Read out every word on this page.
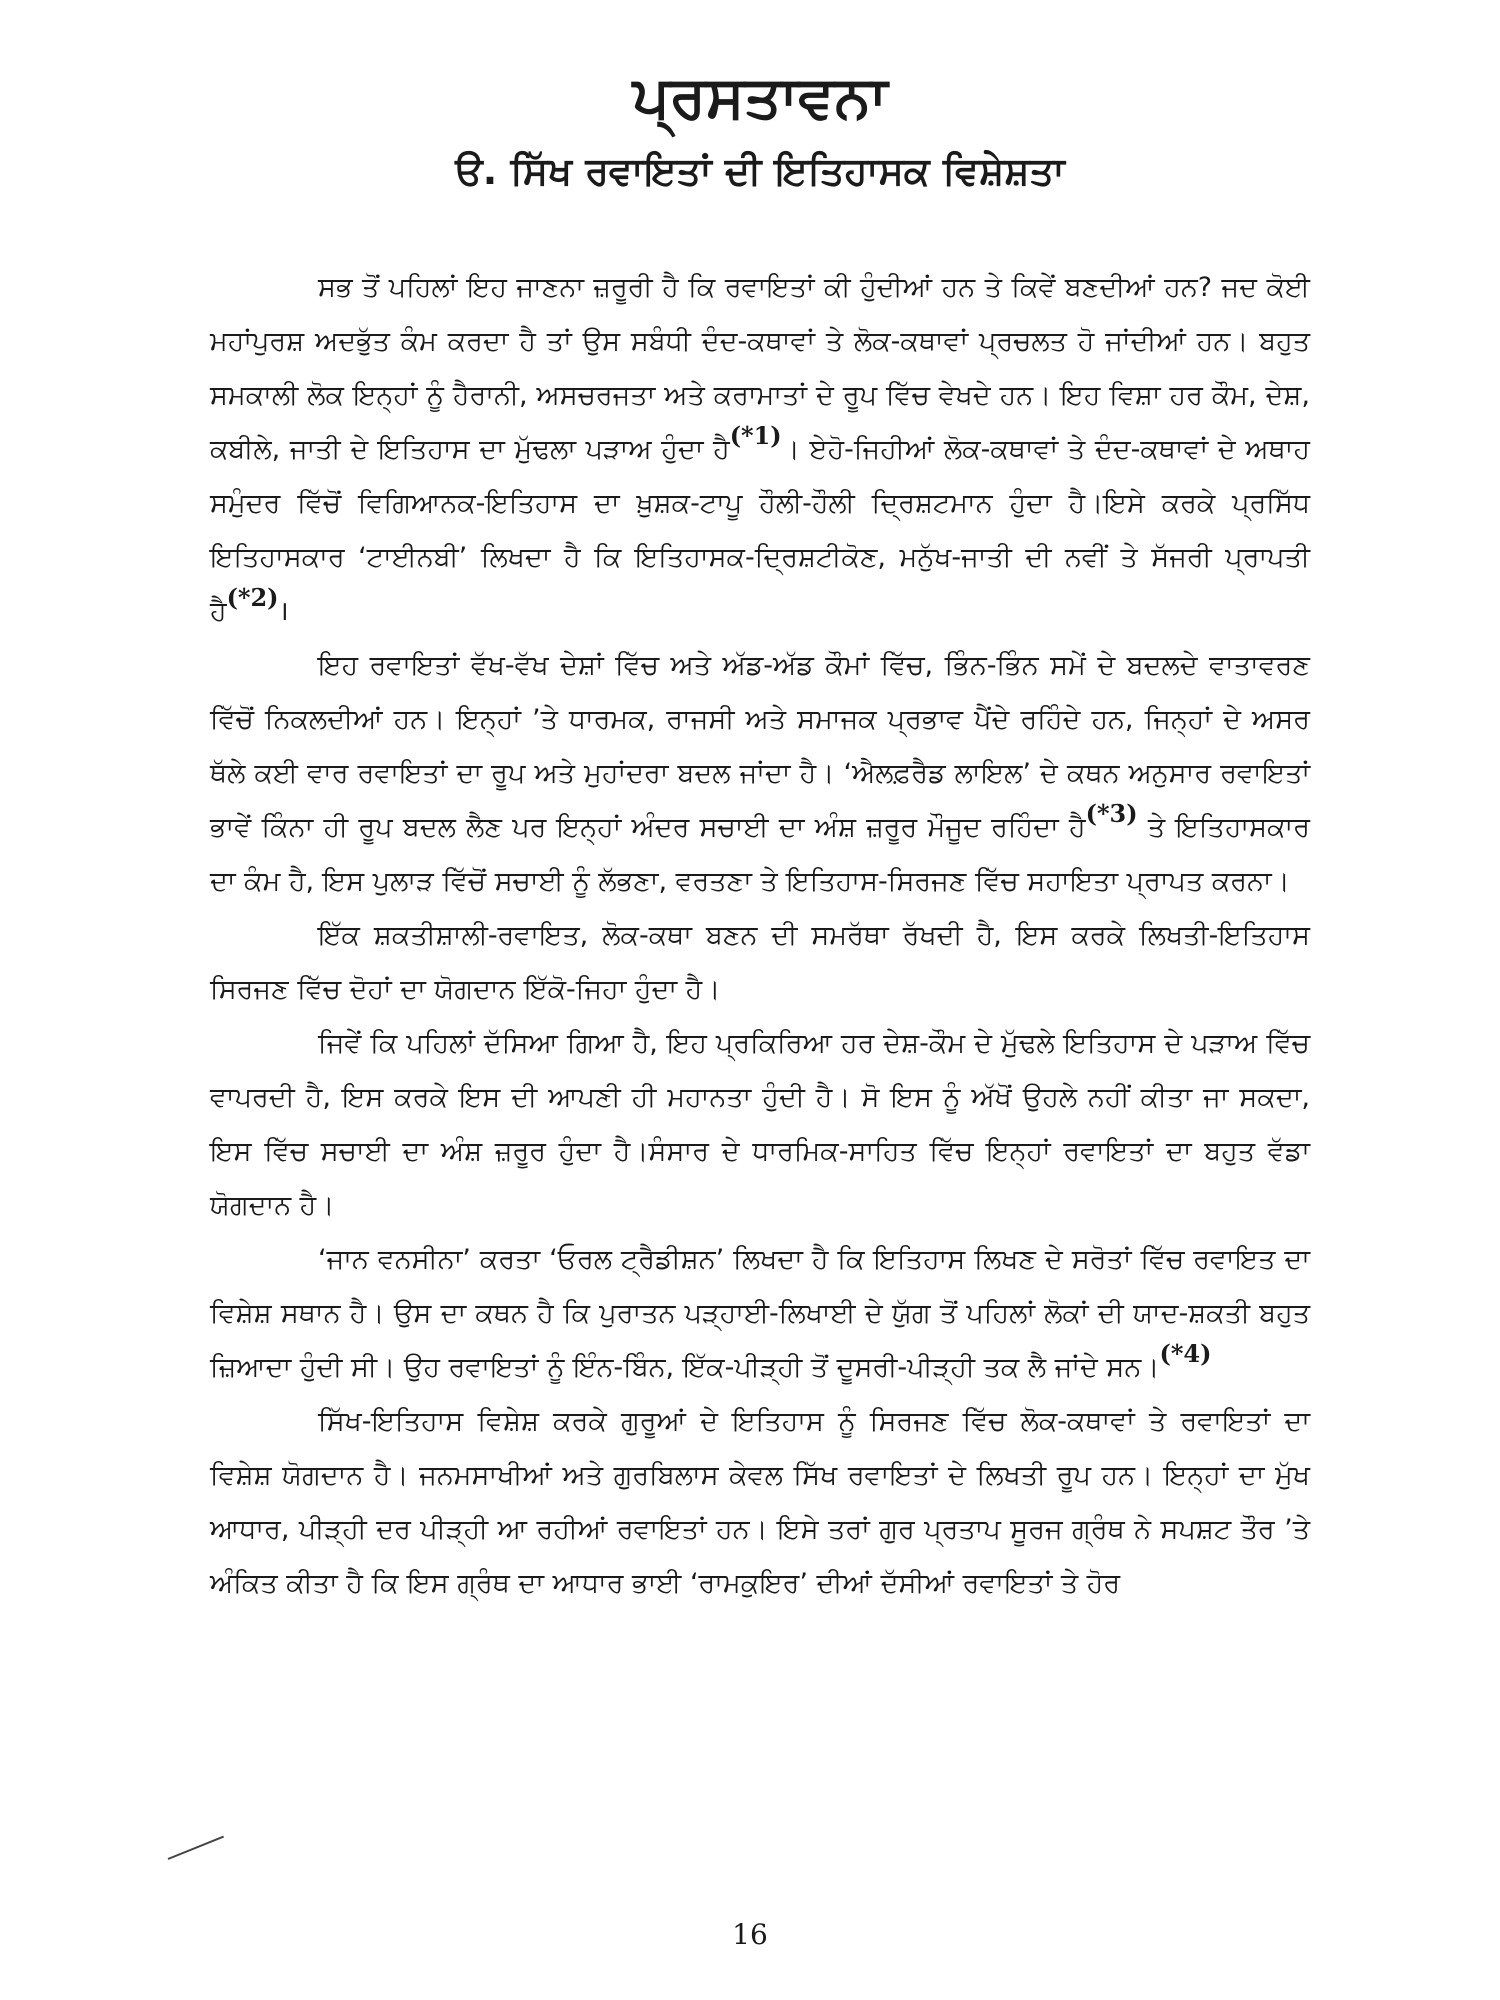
ਪ੍ਰਸਤਾਵਨਾ
ੳ. ਸਿੱਖ ਰਵਾਇਤਾਂ ਦੀ ਇਤਿਹਾਸਕ ਵਿਸ਼ੇਸ਼ਤਾ

ਸਭ ਤੋਂ ਪਹਿਲਾਂ ਇਹ ਜਾਣਨਾ ਜ਼ਰੂਰੀ ਹੈ ਕਿ ਰਵਾਇਤਾਂ ਕੀ ਹੁੰਦੀਆਂ ਹਨ ਤੇ ਕਿਵੇਂ ਬਣਦੀਆਂ ਹਨ? ਜਦ ਕੋਈ ਮਹਾਂਪੁਰਸ਼ ਅਦਭੁੱਤ ਕੰਮ ਕਰਦਾ ਹੈ ਤਾਂ ਉਸ ਸਬੰਧੀ ਦੰਦ-ਕਥਾਵਾਂ ਤੇ ਲੋਕ-ਕਥਾਵਾਂ ਪ੍ਰਚਲਤ ਹੋ ਜਾਂਦੀਆਂ ਹਨ। ਬਹੁਤ ਸਮਕਾਲੀ ਲੋਕ ਇਨ੍ਹਾਂ ਨੂੰ ਹੈਰਾਨੀ, ਅਸਚਰਜਤਾ ਅਤੇ ਕਰਾਮਾਤਾਂ ਦੇ ਰੂਪ ਵਿੱਚ ਵੇਖਦੇ ਹਨ। ਇਹ ਵਿਸ਼ਾ ਹਰ ਕੌਮ, ਦੇਸ਼, ਕਬੀਲੇ, ਜਾਤੀ ਦੇ ਇਤਿਹਾਸ ਦਾ ਮੁੱਢਲਾ ਪੜਾਅ ਹੁੰਦਾ ਹੈ$^{(*1)}$। ਏਹੋ-ਜਿਹੀਆਂ ਲੋਕ-ਕਥਾਵਾਂ ਤੇ ਦੰਦ-ਕਥਾਵਾਂ ਦੇ ਅਥਾਹ ਸਮੁੰਦਰ ਵਿੱਚੋਂ ਵਿਗਿਆਨਕ-ਇਤਿਹਾਸ ਦਾ ਖ਼ੁਸ਼ਕ-ਟਾਪੂ ਹੌਲੀ-ਹੌਲੀ ਦ੍ਰਿਸ਼ਟਮਾਨ ਹੁੰਦਾ ਹੈ।ਇਸੇ ਕਰਕੇ ਪ੍ਰਸਿੱਧ ਇਤਿਹਾਸਕਾਰ ‘ਟਾਈਨਬੀ’ ਲਿਖਦਾ ਹੈ ਕਿ ਇਤਿਹਾਸਕ-ਦ੍ਰਿਸ਼ਟੀਕੋਣ, ਮਨੁੱਖ-ਜਾਤੀ ਦੀ ਨਵੀਂ ਤੇ ਸੱਜਰੀ ਪ੍ਰਾਪਤੀ ਹੈ$^{(*2)}$।

ਇਹ ਰਵਾਇਤਾਂ ਵੱਖ-ਵੱਖ ਦੇਸ਼ਾਂ ਵਿੱਚ ਅਤੇ ਅੱਡ-ਅੱਡ ਕੌਮਾਂ ਵਿੱਚ, ਭਿੰਨ-ਭਿੰਨ ਸਮੇਂ ਦੇ ਬਦਲਦੇ ਵਾਤਾਵਰਣ ਵਿੱਚੋਂ ਨਿਕਲਦੀਆਂ ਹਨ। ਇਨ੍ਹਾਂ ’ਤੇ ਧਾਰਮਕ, ਰਾਜਸੀ ਅਤੇ ਸਮਾਜਕ ਪ੍ਰਭਾਵ ਪੈਂਦੇ ਰਹਿੰਦੇ ਹਨ, ਜਿਨ੍ਹਾਂ ਦੇ ਅਸਰ ਥੱਲੇ ਕਈ ਵਾਰ ਰਵਾਇਤਾਂ ਦਾ ਰੂਪ ਅਤੇ ਮੁਹਾਂਦਰਾ ਬਦਲ ਜਾਂਦਾ ਹੈ। ‘ਐਲਫ਼ਰੈਡ ਲਾਇਲ’ ਦੇ ਕਥਨ ਅਨੁਸਾਰ ਰਵਾਇਤਾਂ ਭਾਵੇਂ ਕਿੰਨਾ ਹੀ ਰੂਪ ਬਦਲ ਲੈਣ ਪਰ ਇਨ੍ਹਾਂ ਅੰਦਰ ਸਚਾਈ ਦਾ ਅੰਸ਼ ਜ਼ਰੂਰ ਮੌਜੂਦ ਰਹਿੰਦਾ ਹੈ$^{(*3)}$ ਤੇ ਇਤਿਹਾਸਕਾਰ ਦਾ ਕੰਮ ਹੈ, ਇਸ ਪੁਲਾੜ ਵਿੱਚੋਂ ਸਚਾਈ ਨੂੰ ਲੱਭਣਾ, ਵਰਤਣਾ ਤੇ ਇਤਿਹਾਸ-ਸਿਰਜਣ ਵਿੱਚ ਸਹਾਇਤਾ ਪ੍ਰਾਪਤ ਕਰਨਾ।

ਇੱਕ ਸ਼ਕਤੀਸ਼ਾਲੀ-ਰਵਾਇਤ, ਲੋਕ-ਕਥਾ ਬਣਨ ਦੀ ਸਮਰੱਥਾ ਰੱਖਦੀ ਹੈ, ਇਸ ਕਰਕੇ ਲਿਖਤੀ-ਇਤਿਹਾਸ ਸਿਰਜਣ ਵਿੱਚ ਦੋਹਾਂ ਦਾ ਯੋਗਦਾਨ ਇੱਕੋ-ਜਿਹਾ ਹੁੰਦਾ ਹੈ।

ਜਿਵੇਂ ਕਿ ਪਹਿਲਾਂ ਦੱਸਿਆ ਗਿਆ ਹੈ, ਇਹ ਪ੍ਰਕਿਰਿਆ ਹਰ ਦੇਸ਼-ਕੌਮ ਦੇ ਮੁੱਢਲੇ ਇਤਿਹਾਸ ਦੇ ਪੜਾਅ ਵਿੱਚ ਵਾਪਰਦੀ ਹੈ, ਇਸ ਕਰਕੇ ਇਸ ਦੀ ਆਪਣੀ ਹੀ ਮਹਾਨਤਾ ਹੁੰਦੀ ਹੈ। ਸੋ ਇਸ ਨੂੰ ਅੱਖੋਂ ਉਹਲੇ ਨਹੀਂ ਕੀਤਾ ਜਾ ਸਕਦਾ, ਇਸ ਵਿੱਚ ਸਚਾਈ ਦਾ ਅੰਸ਼ ਜ਼ਰੂਰ ਹੁੰਦਾ ਹੈ।ਸੰਸਾਰ ਦੇ ਧਾਰਮਿਕ-ਸਾਹਿਤ ਵਿੱਚ ਇਨ੍ਹਾਂ ਰਵਾਇਤਾਂ ਦਾ ਬਹੁਤ ਵੱਡਾ ਯੋਗਦਾਨ ਹੈ।

‘ਜਾਨ ਵਨਸੀਨਾ’ ਕਰਤਾ ‘ਓਰਲ ਟ੍ਰੈਡੀਸ਼ਨ’ ਲਿਖਦਾ ਹੈ ਕਿ ਇਤਿਹਾਸ ਲਿਖਣ ਦੇ ਸਰੋਤਾਂ ਵਿੱਚ ਰਵਾਇਤ ਦਾ ਵਿਸ਼ੇਸ਼ ਸਥਾਨ ਹੈ। ਉਸ ਦਾ ਕਥਨ ਹੈ ਕਿ ਪੁਰਾਤਨ ਪੜ੍ਹਾਈ-ਲਿਖਾਈ ਦੇ ਯੁੱਗ ਤੋਂ ਪਹਿਲਾਂ ਲੋਕਾਂ ਦੀ ਯਾਦ-ਸ਼ਕਤੀ ਬਹੁਤ ਜ਼ਿਆਦਾ ਹੁੰਦੀ ਸੀ। ਉਹ ਰਵਾਇਤਾਂ ਨੂੰ ਇੰਨ-ਬਿੰਨ, ਇੱਕ-ਪੀੜ੍ਹੀ ਤੋਂ ਦੂਸਰੀ-ਪੀੜ੍ਹੀ ਤਕ ਲੈ ਜਾਂਦੇ ਸਨ।$^{(*4)}$

ਸਿੱਖ-ਇਤਿਹਾਸ ਵਿਸ਼ੇਸ਼ ਕਰਕੇ ਗੁਰੂਆਂ ਦੇ ਇਤਿਹਾਸ ਨੂੰ ਸਿਰਜਣ ਵਿੱਚ ਲੋਕ-ਕਥਾਵਾਂ ਤੇ ਰਵਾਇਤਾਂ ਦਾ ਵਿਸ਼ੇਸ਼ ਯੋਗਦਾਨ ਹੈ। ਜਨਮਸਾਖੀਆਂ ਅਤੇ ਗੁਰਬਿਲਾਸ ਕੇਵਲ ਸਿੱਖ ਰਵਾਇਤਾਂ ਦੇ ਲਿਖਤੀ ਰੂਪ ਹਨ। ਇਨ੍ਹਾਂ ਦਾ ਮੁੱਖ ਆਧਾਰ, ਪੀੜ੍ਹੀ ਦਰ ਪੀੜ੍ਹੀ ਆ ਰਹੀਆਂ ਰਵਾਇਤਾਂ ਹਨ। ਇਸੇ ਤਰਾਂ ਗੁਰ ਪ੍ਰਤਾਪ ਸੂਰਜ ਗ੍ਰੰਥ ਨੇ ਸਪਸ਼ਟ ਤੌਰ ’ਤੇ ਅੰਕਿਤ ਕੀਤਾ ਹੈ ਕਿ ਇਸ ਗ੍ਰੰਥ ਦਾ ਆਧਾਰ ਭਾਈ ‘ਰਾਮਕੁਇਰ’ ਦੀਆਂ ਦੱਸੀਆਂ ਰਵਾਇਤਾਂ ਤੇ ਹੋਰ

16
